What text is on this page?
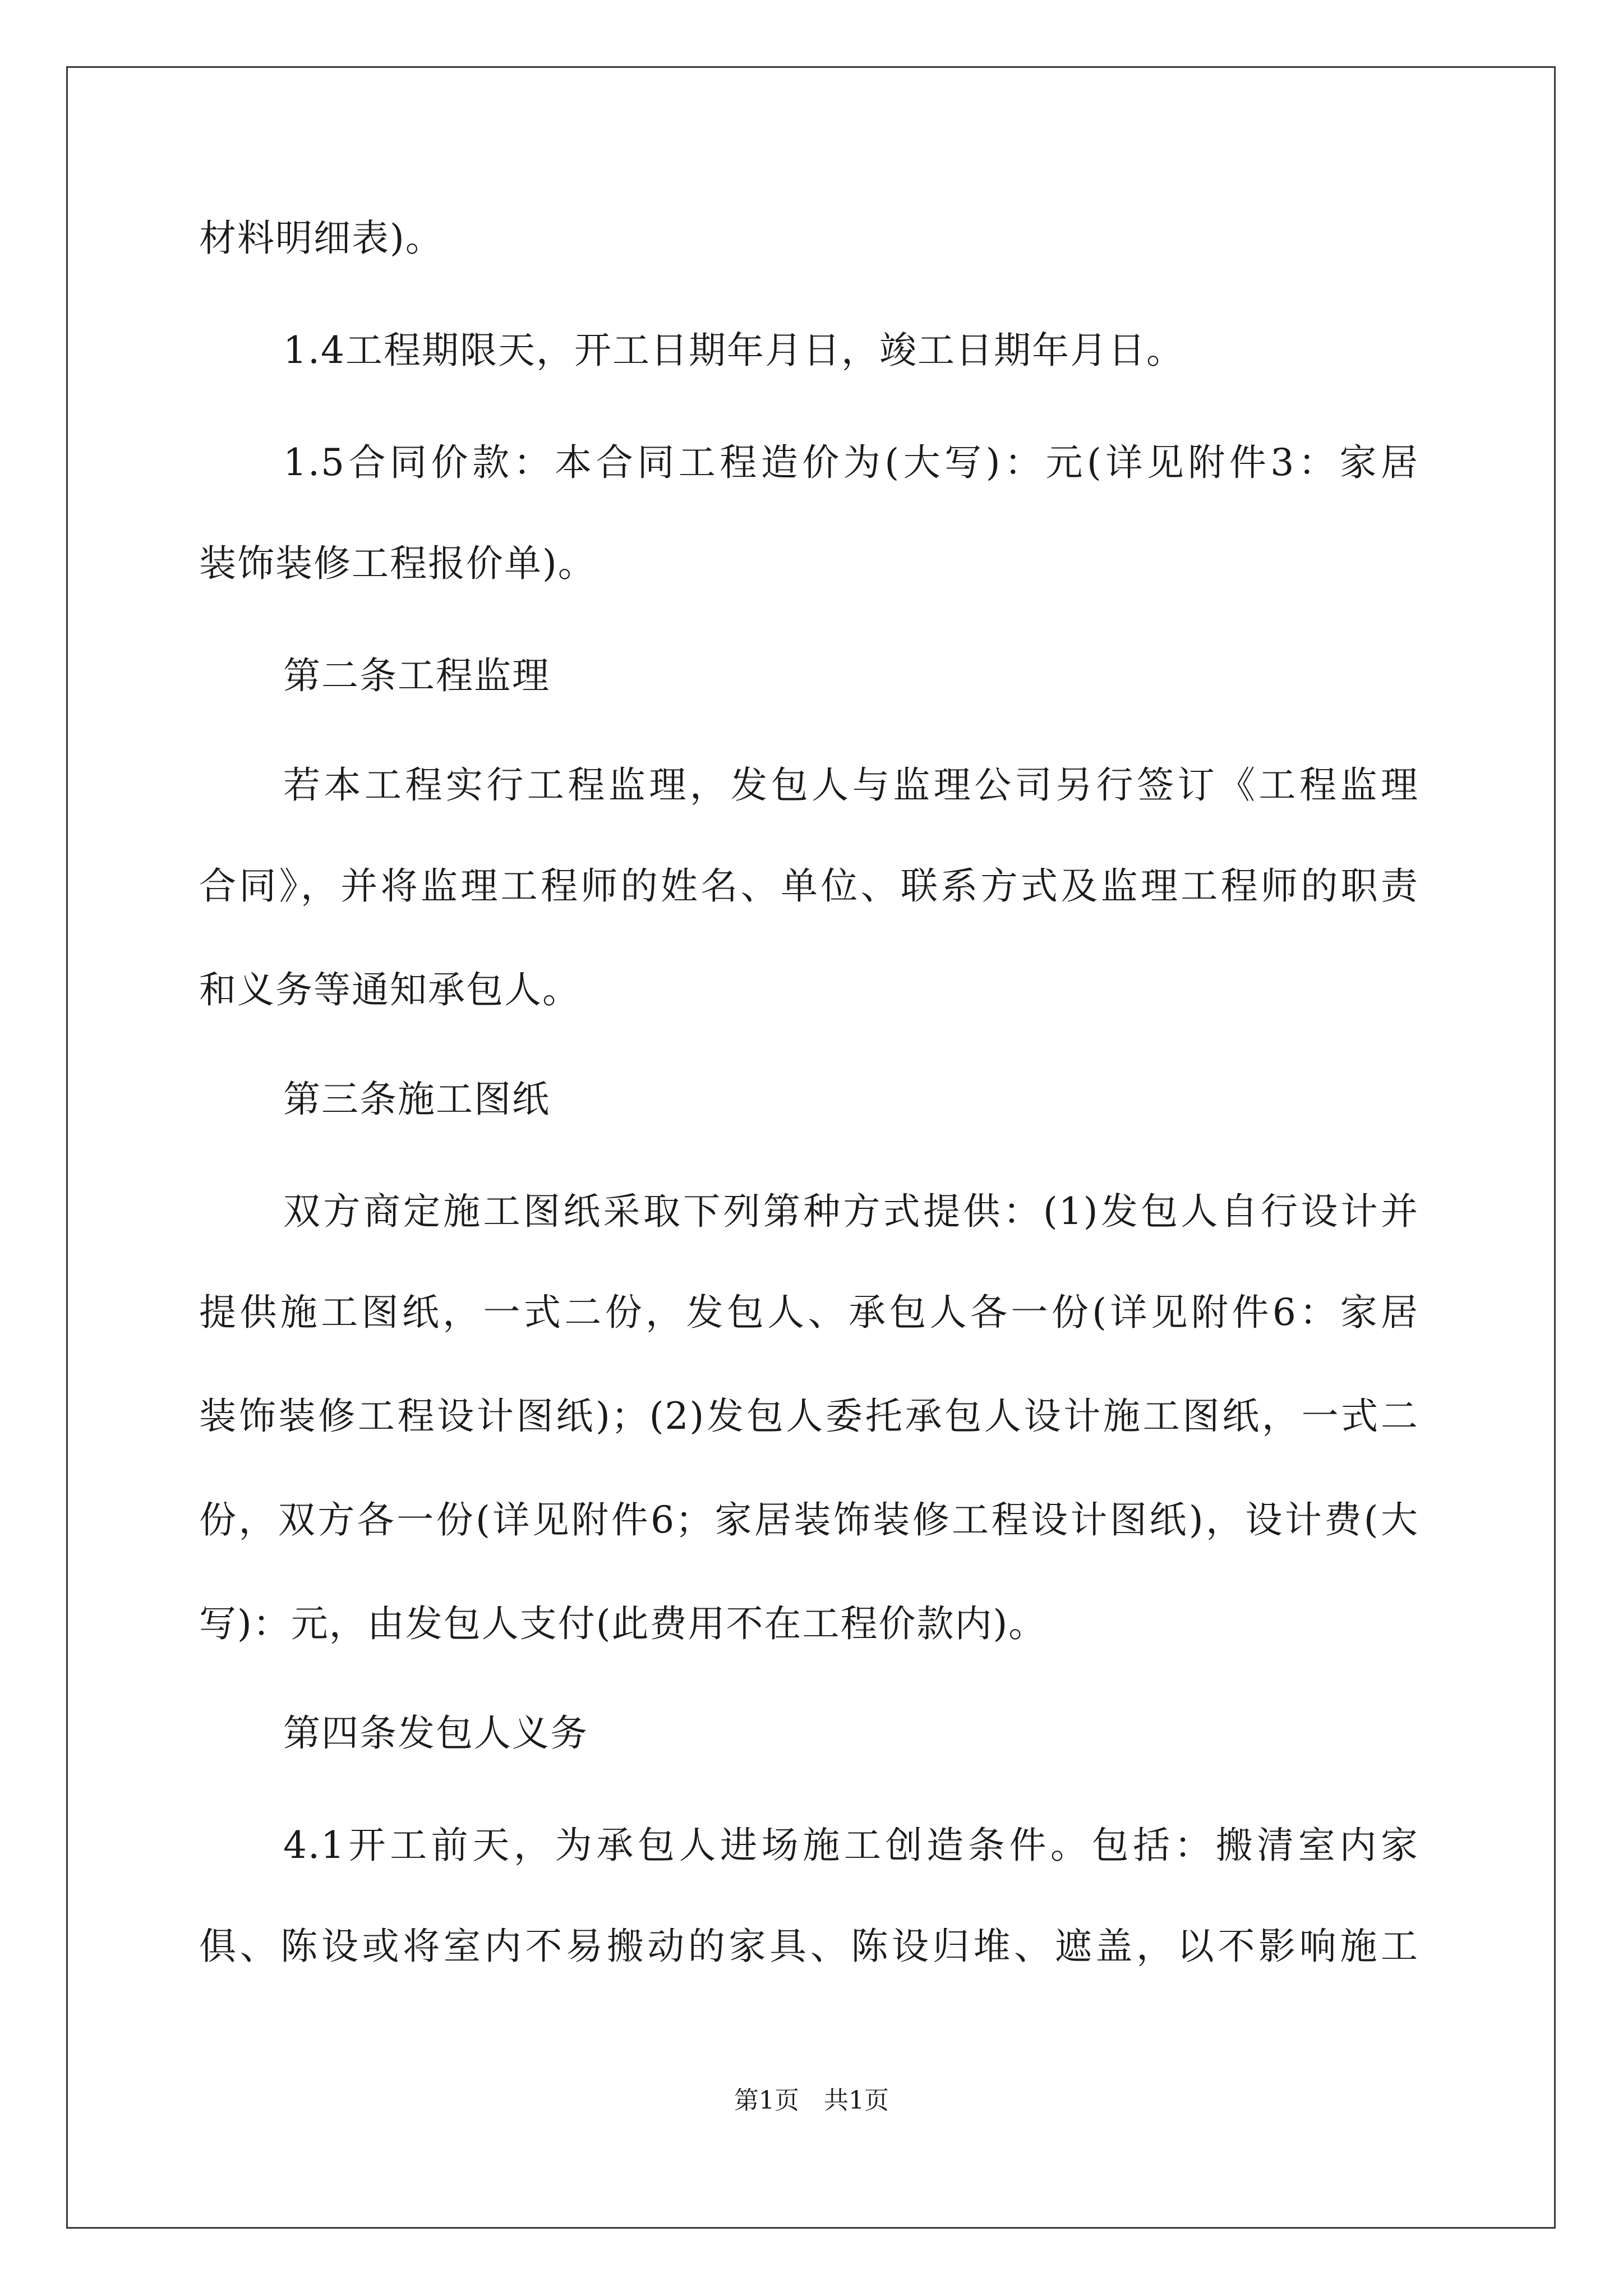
材料明细表)。
1.4工程期限天，开工日期年月日，竣工日期年月日。
1.5合同价款：本合同工程造价为(大写)：元(详见附件3：家居
装饰装修工程报价单)。
第二条工程监理
若本工程实行工程监理，发包人与监理公司另行签订《工程监理
合同》，并将监理工程师的姓名、单位、联系方式及监理工程师的职责
和义务等通知承包人。
第三条施工图纸
双方商定施工图纸采取下列第种方式提供：(1)发包人自行设计并
提供施工图纸，一式二份，发包人、承包人各一份(详见附件6：家居
装饰装修工程设计图纸)；(2)发包人委托承包人设计施工图纸，一式二
份，双方各一份(详见附件6；家居装饰装修工程设计图纸)，设计费(大
写)：元，由发包人支付(此费用不在工程价款内)。
第四条发包人义务
4.1开工前天，为承包人进场施工创造条件。包括：搬清室内家
俱、陈设或将室内不易搬动的家具、陈设归堆、遮盖，以不影响施工
第1页　共1页
